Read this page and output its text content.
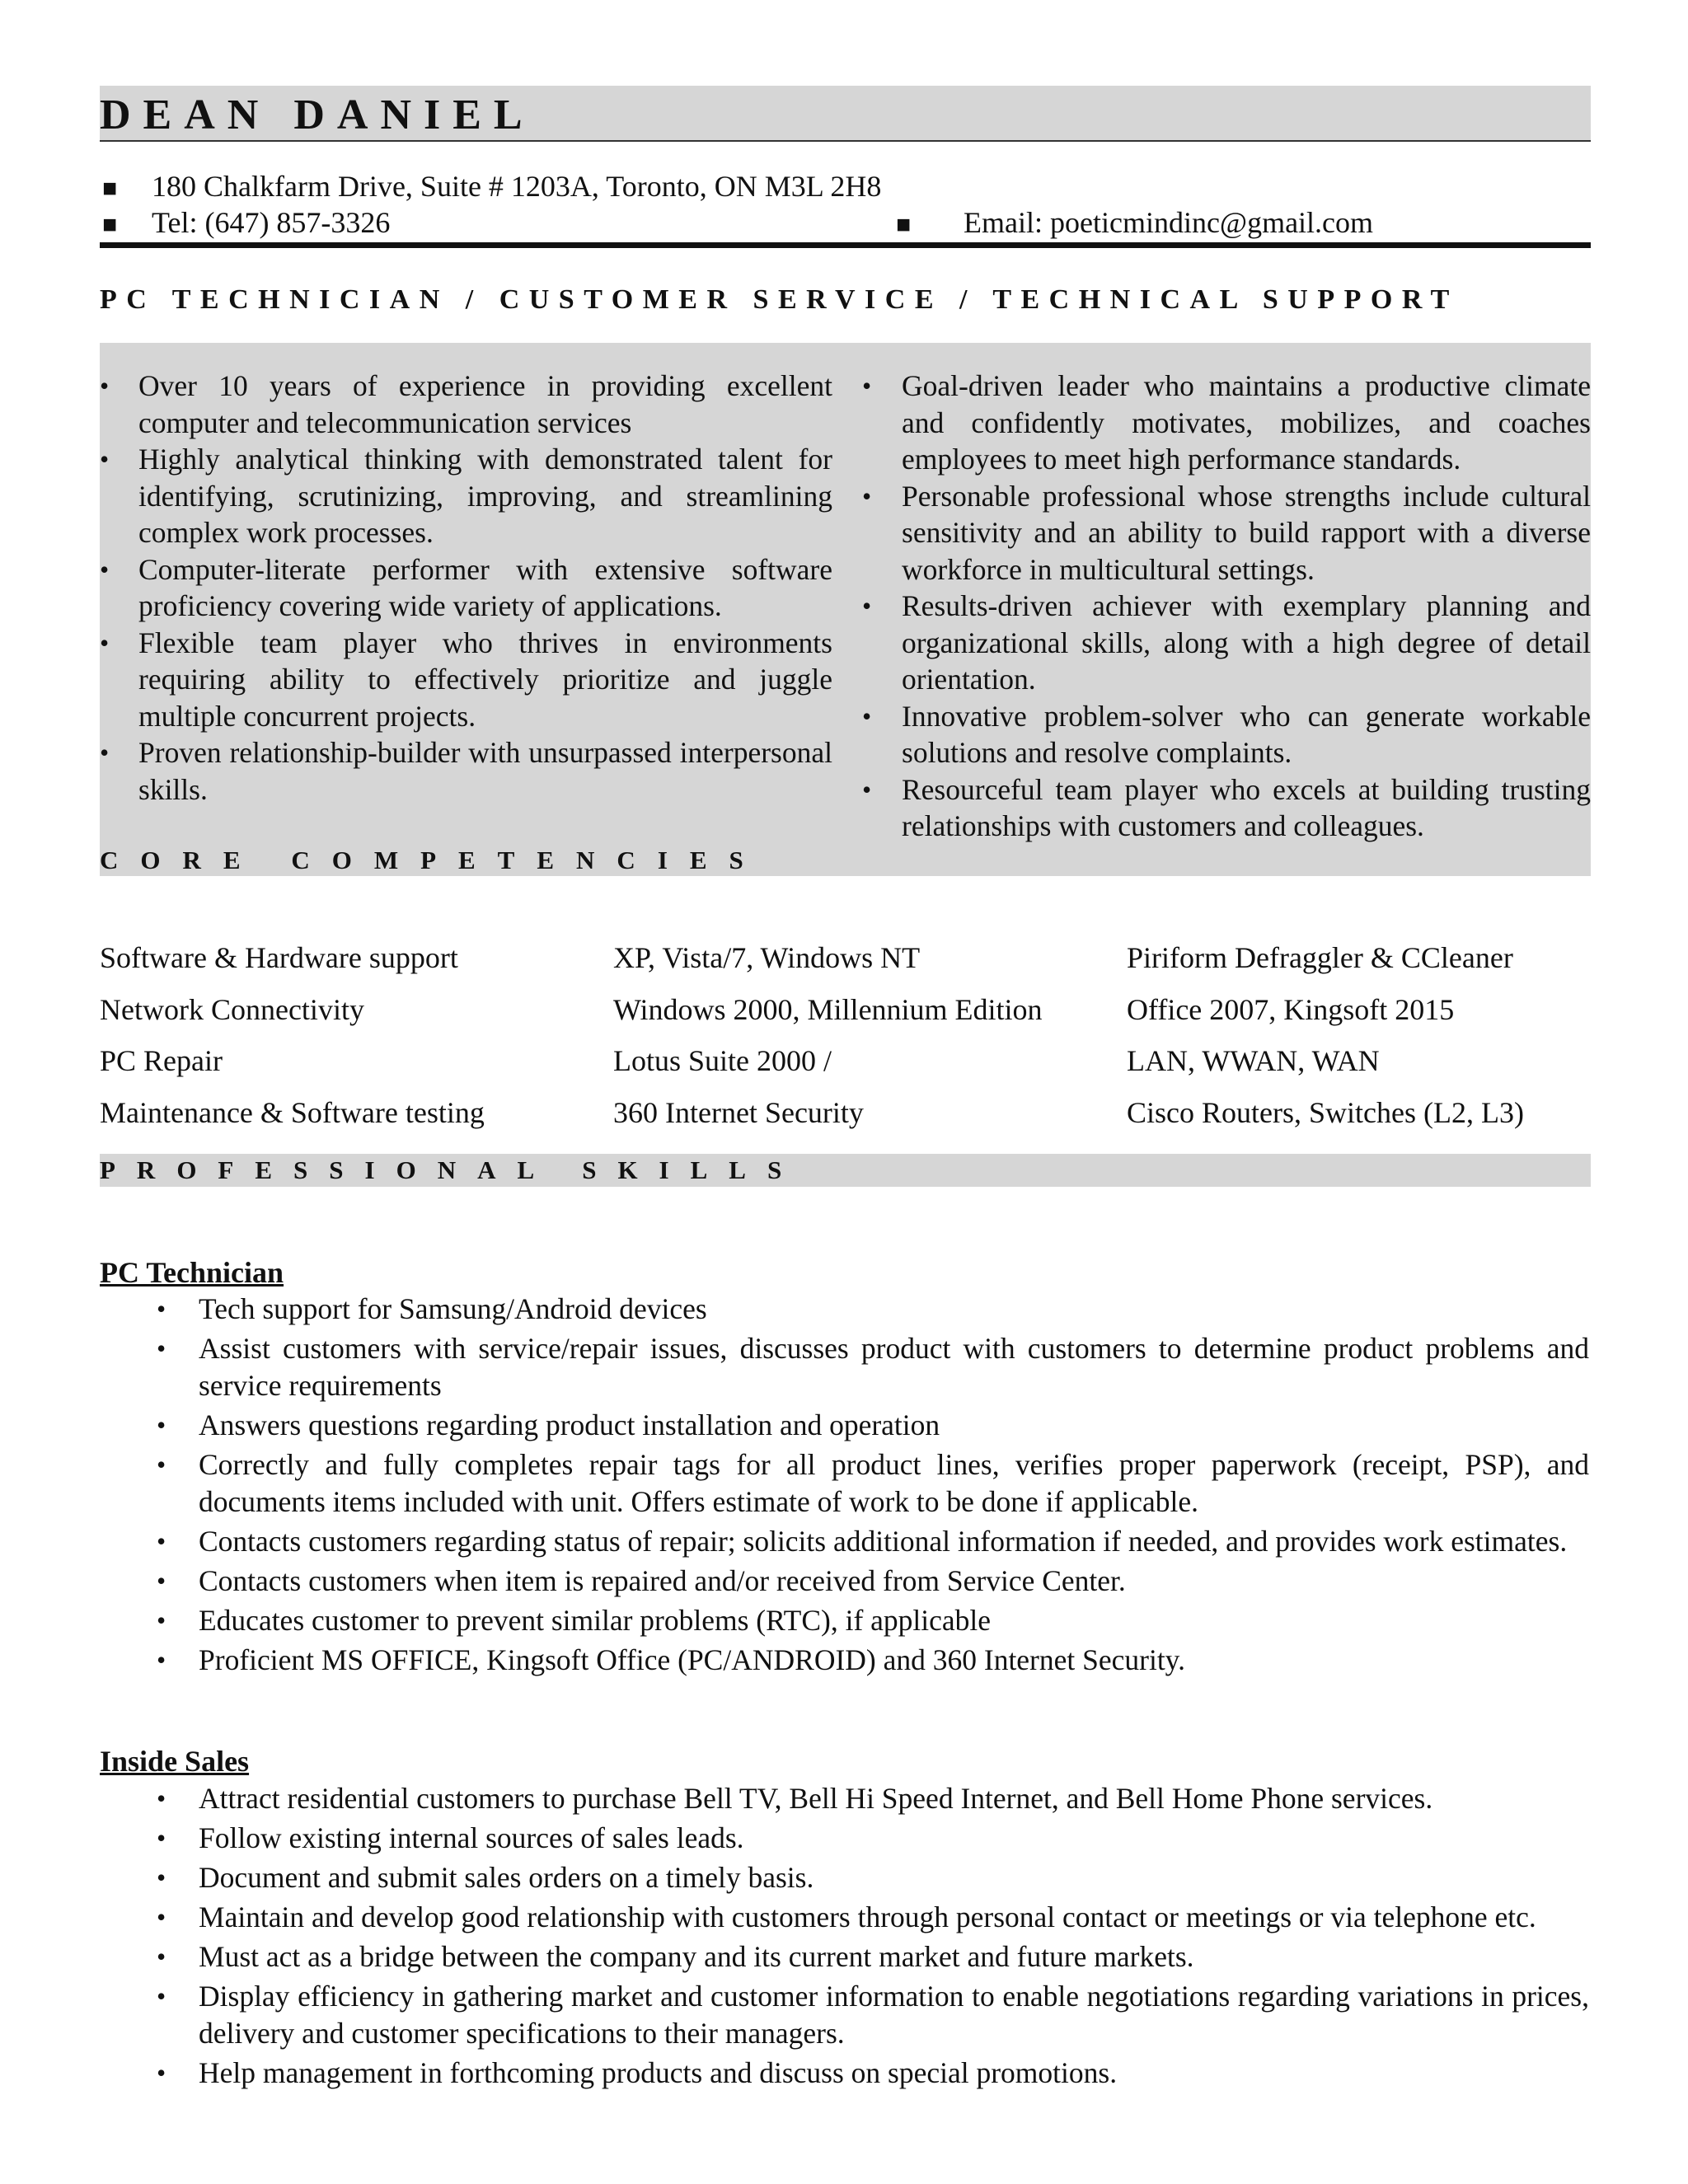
DEAN DANIEL
■ 180 Chalkfarm Drive, Suite # 1203A, Toronto, ON M3L 2H8
■ Tel: (647) 857-3326	■ Email: poeticmindinc@gmail.com
PC TECHNICIAN / CUSTOMER SERVICE / TECHNICAL SUPPORT
• Over 10 years of experience in providing excellent computer and telecommunication services
• Highly analytical thinking with demonstrated talent for identifying, scrutinizing, improving, and streamlining complex work processes.
• Computer-literate performer with extensive software proficiency covering wide variety of applications.
• Flexible team player who thrives in environments requiring ability to effectively prioritize and juggle multiple concurrent projects.
• Proven relationship-builder with unsurpassed interpersonal skills.
• Goal-driven leader who maintains a productive climate and confidently motivates, mobilizes, and coaches employees to meet high performance standards.
• Personable professional whose strengths include cultural sensitivity and an ability to build rapport with a diverse workforce in multicultural settings.
• Results-driven achiever with exemplary planning and organizational skills, along with a high degree of detail orientation.
• Innovative problem-solver who can generate workable solutions and resolve complaints.
• Resourceful team player who excels at building trusting relationships with customers and colleagues.
CORE COMPETENCIES
Software & Hardware support	XP, Vista/7, Windows NT	Piriform Defraggler & CCleaner
Network Connectivity	Windows 2000, Millennium Edition	Office 2007, Kingsoft 2015
PC Repair	Lotus Suite 2000 /	LAN, WWAN, WAN
Maintenance & Software testing	360 Internet Security	Cisco Routers, Switches (L2, L3)
PROFESSIONAL SKILLS
PC Technician
• Tech support for Samsung/Android devices
• Assist customers with service/repair issues, discusses product with customers to determine product problems and service requirements
• Answers questions regarding product installation and operation
• Correctly and fully completes repair tags for all product lines, verifies proper paperwork (receipt, PSP), and documents items included with unit. Offers estimate of work to be done if applicable.
• Contacts customers regarding status of repair; solicits additional information if needed, and provides work estimates.
• Contacts customers when item is repaired and/or received from Service Center.
• Educates customer to prevent similar problems (RTC), if applicable
• Proficient MS OFFICE, Kingsoft Office (PC/ANDROID) and 360 Internet Security.
Inside Sales
• Attract residential customers to purchase Bell TV, Bell Hi Speed Internet, and Bell Home Phone services.
• Follow existing internal sources of sales leads.
• Document and submit sales orders on a timely basis.
• Maintain and develop good relationship with customers through personal contact or meetings or via telephone etc.
• Must act as a bridge between the company and its current market and future markets.
• Display efficiency in gathering market and customer information to enable negotiations regarding variations in prices, delivery and customer specifications to their managers.
• Help management in forthcoming products and discuss on special promotions.
